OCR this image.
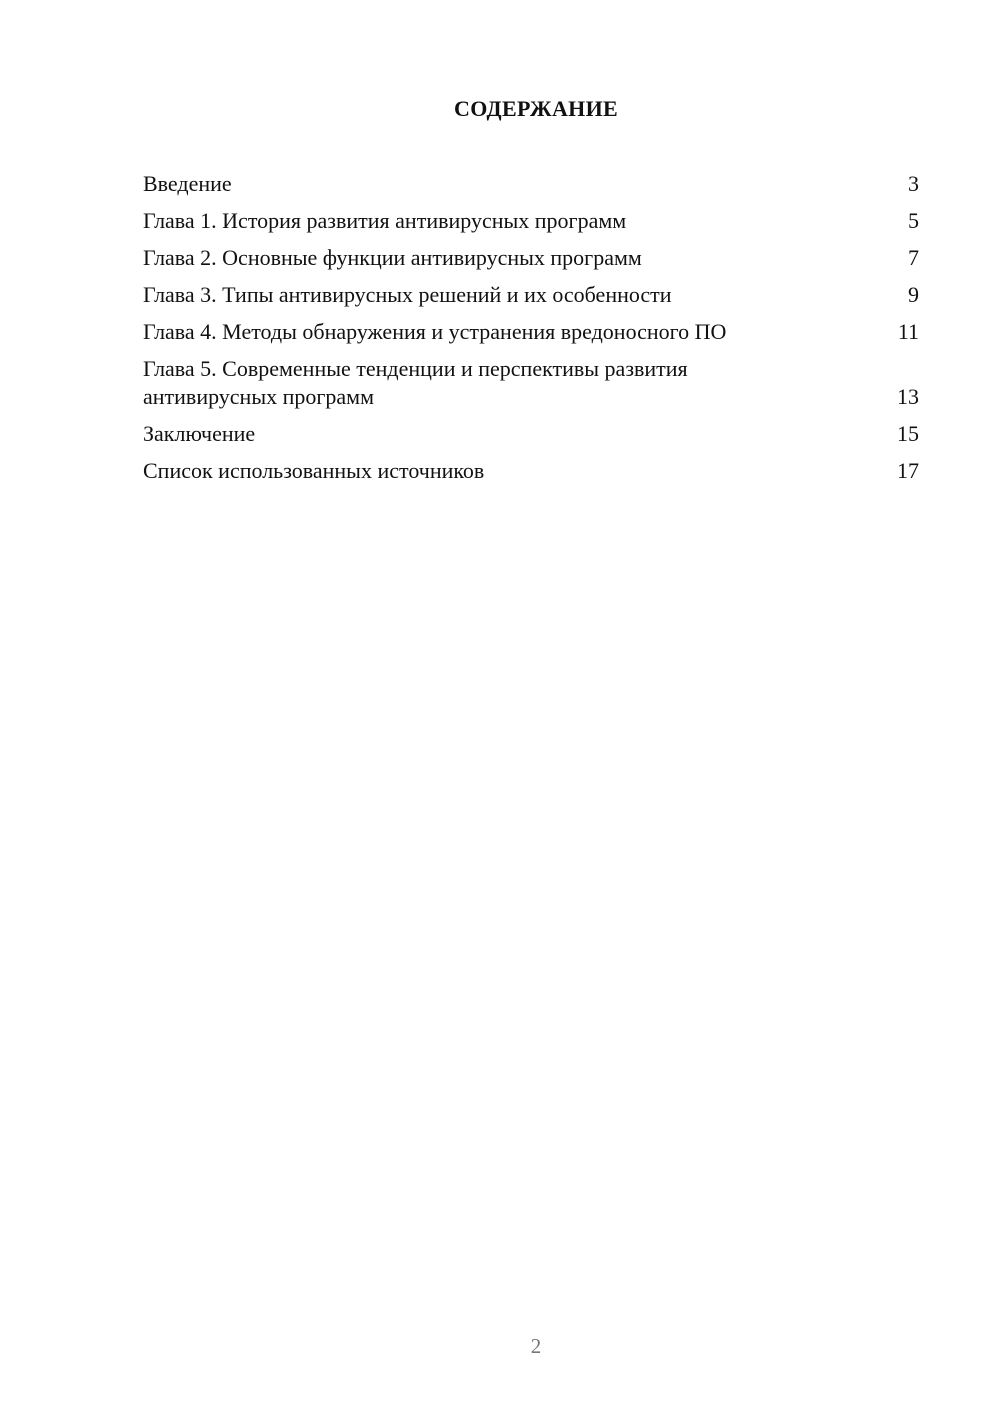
СОДЕРЖАНИЕ
Введение	3
Глава 1. История развития антивирусных программ	5
Глава 2. Основные функции антивирусных программ	7
Глава 3. Типы антивирусных решений и их особенности	9
Глава 4. Методы обнаружения и устранения вредоносного ПО	11
Глава 5. Современные тенденции и перспективы развития
антивирусных программ	13
Заключение	15
Список использованных источников	17
2
